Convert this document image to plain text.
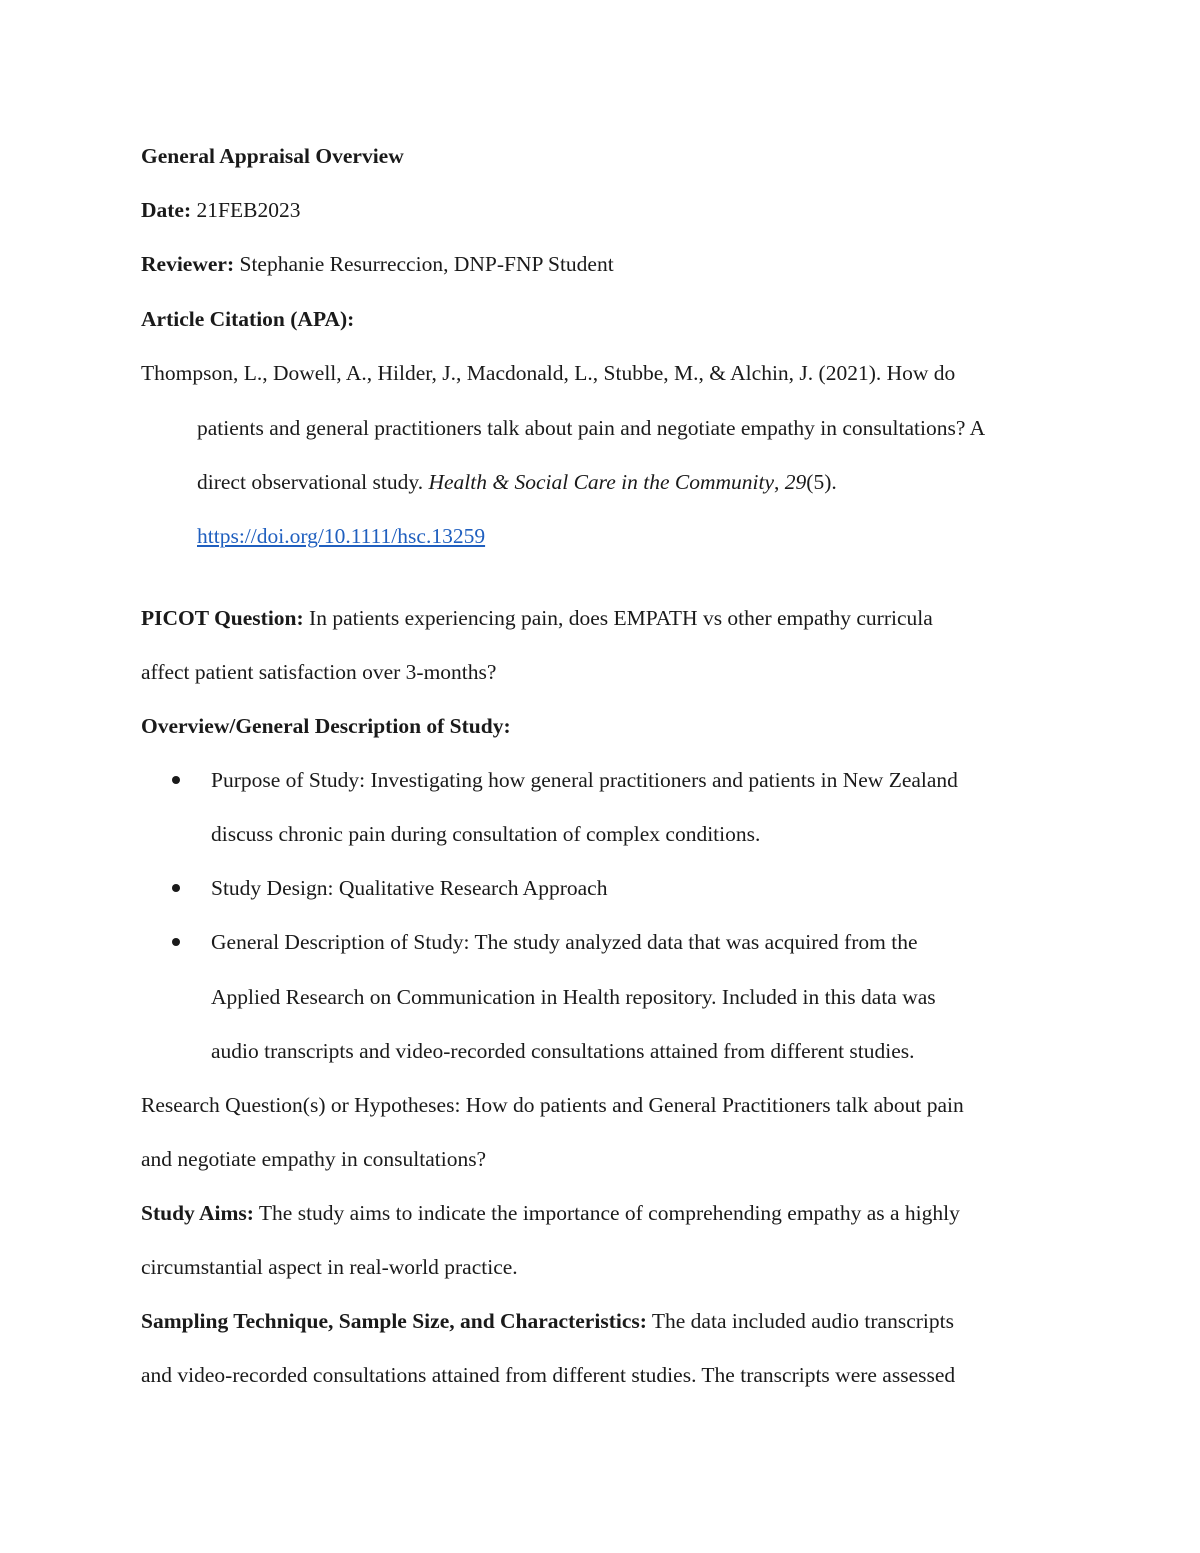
General Appraisal Overview
Date: 21FEB2023
Reviewer: Stephanie Resurreccion, DNP-FNP Student
Article Citation (APA):
Thompson, L., Dowell, A., Hilder, J., Macdonald, L., Stubbe, M., & Alchin, J. (2021). How do
patients and general practitioners talk about pain and negotiate empathy in consultations? A
direct observational study. Health & Social Care in the Community, 29(5).
https://doi.org/10.1111/hsc.13259
PICOT Question: In patients experiencing pain, does EMPATH vs other empathy curricula
affect patient satisfaction over 3-months?
Overview/General Description of Study:
Purpose of Study: Investigating how general practitioners and patients in New Zealand
discuss chronic pain during consultation of complex conditions.
Study Design: Qualitative Research Approach
General Description of Study: The study analyzed data that was acquired from the
Applied Research on Communication in Health repository. Included in this data was
audio transcripts and video-recorded consultations attained from different studies.
Research Question(s) or Hypotheses: How do patients and General Practitioners talk about pain
and negotiate empathy in consultations?
Study Aims: The study aims to indicate the importance of comprehending empathy as a highly
circumstantial aspect in real-world practice.
Sampling Technique, Sample Size, and Characteristics: The data included audio transcripts
and video-recorded consultations attained from different studies. The transcripts were assessed
